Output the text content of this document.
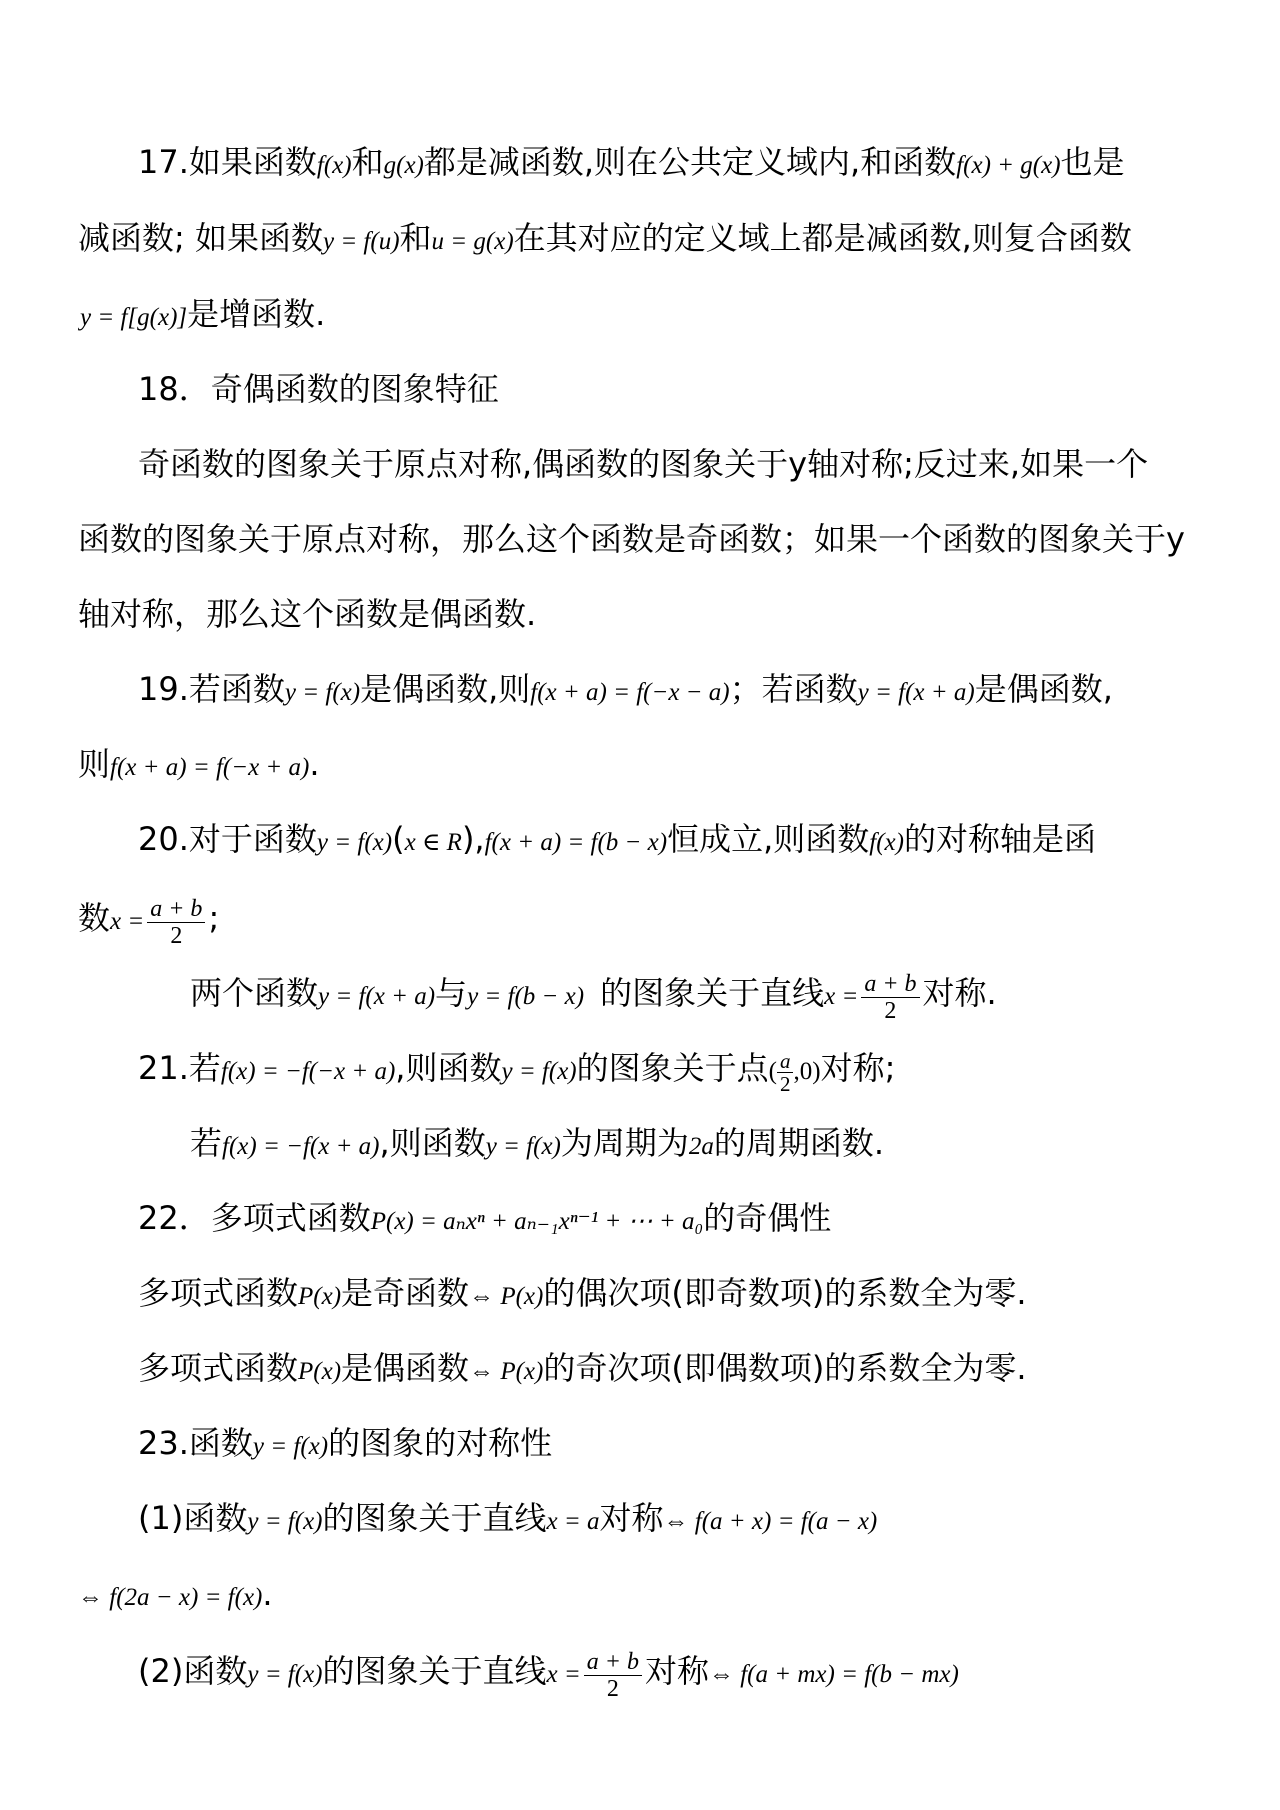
17.如果函数f(x)和g(x)都是减函数,则在公共定义域内,和函数f(x) + g(x)也是
减函数; 如果函数y = f(u)和u = g(x)在其对应的定义域上都是减函数,则复合函数
y = f[g(x)]是增函数.
18．奇偶函数的图象特征
奇函数的图象关于原点对称,偶函数的图象关于y轴对称;反过来,如果一个
函数的图象关于原点对称，那么这个函数是奇函数；如果一个函数的图象关于y
轴对称，那么这个函数是偶函数.
19.若函数y = f(x)是偶函数,则f(x + a) = f(−x − a)；若函数y = f(x + a)是偶函数,
则f(x + a) = f(−x + a).
20.对于函数y = f(x)(x ∈ R),f(x + a) = f(b − x)恒成立,则函数f(x)的对称轴是函
数$x = \frac{a + b}{2}$ ;
两个函数y = f(x + a)与y = f(b − x) 的图象关于直线$x = \frac{a + b}{2}$ 对称.
21.若f(x) = −f(−x + a),则函数y = f(x)的图象关于点( $\frac{a}{2} ,0$)对称;
若f(x) = −f(x + a),则函数y = f(x)为周期为2a的周期函数.
22．多项式函数P(x) = aₙxⁿ + aₙ₋₁xⁿ⁻¹ + ⋯ + a₀的奇偶性
多项式函数P(x)是奇函数⇔ P(x)的偶次项(即奇数项)的系数全为零.
多项式函数P(x)是偶函数⇔ P(x)的奇次项(即偶数项)的系数全为零.
23.函数y = f(x)的图象的对称性
(1)函数y = f(x)的图象关于直线x = a对称⇔ f(a + x) = f(a − x)
⇔ f(2a − x) = f(x).
(2)函数y = f(x)的图象关于直线$x = \frac{a + b}{2}$ 对称⇔ f(a + mx) = f(b − mx)
